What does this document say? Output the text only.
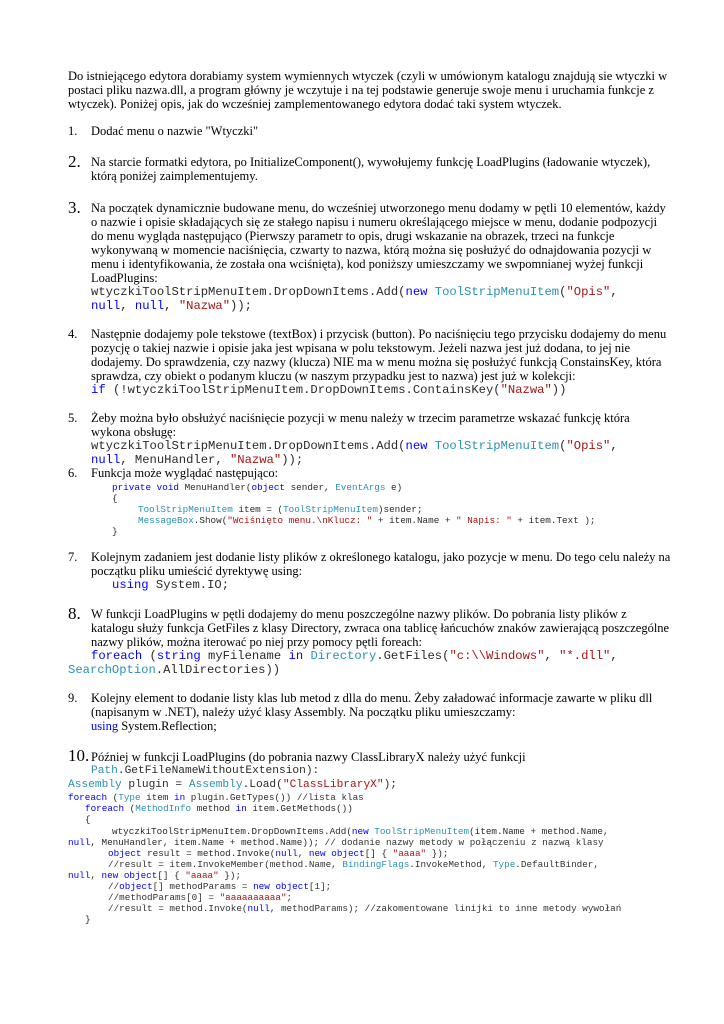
Do istniejącego edytora dorabiamy system wymiennych wtyczek (czyli w umówionym katalogu znajdują sie wtyczki w
postaci pliku nazwa.dll, a program główny je wczytuje i na tej podstawie generuje swoje menu i uruchamia funkcje z
wtyczek). Poniżej opis, jak do wcześniej zamplementowanego edytora dodać taki system wtyczek.
1. Dodać menu o nazwie "Wtyczki"
2. Na starcie formatki edytora, po InitializeComponent(), wywołujemy funkcję LoadPlugins (ładowanie wtyczek),
którą poniżej zaimplementujemy.
3. Na początek dynamicznie budowane menu, do wcześniej utworzonego menu dodamy w pętli 10 elementów, każdy
o nazwie i opisie składających się ze stałego napisu i numeru określającego miejsce w menu, dodanie podpozycji
do menu wygląda następująco (Pierwszy parametr to opis, drugi wskazanie na obrazek, trzeci na funkcje
wykonywaną w momencie naciśnięcia, czwarty to nazwa, którą można się posłużyć do odnajdowania pozycji w
menu i identyfikowania, że została ona wciśnięta), kod poniższy umieszczamy we swpomnianej wyżej funkcji
LoadPlugins:
wtyczkiToolStripMenuItem.DropDownItems.Add(new ToolStripMenuItem("Opis",
null, null, "Nazwa"));
4. Następnie dodajemy pole tekstowe (textBox) i przycisk (button). Po naciśnięciu tego przycisku dodajemy do menu
pozycję o takiej nazwie i opisie jaka jest wpisana w polu tekstowym. Jeżeli nazwa jest już dodana, to jej nie
dodajemy. Do sprawdzenia, czy nazwy (klucza) NIE ma w menu można się posłużyć funkcją ConstainsKey, która
sprawdza, czy obiekt o podanym kluczu (w naszym przypadku jest to nazwa) jest już w kolekcji:
if (!wtyczkiToolStripMenuItem.DropDownItems.ContainsKey("Nazwa"))
5. Żeby można było obsłużyć naciśnięcie pozycji w menu należy w trzecim parametrze wskazać funkcję która
wykona obsługę:
wtyczkiToolStripMenuItem.DropDownItems.Add(new ToolStripMenuItem("Opis",
null, MenuHandler, "Nazwa"));
6. Funkcja może wyglądać następująco:
private void MenuHandler(object sender, EventArgs e)
{
ToolStripMenuItem item = (ToolStripMenuItem)sender;
MessageBox.Show("Wciśnięto menu.\nKlucz: " + item.Name + " Napis: " + item.Text );
}
7. Kolejnym zadaniem jest dodanie listy plików z określonego katalogu, jako pozycje w menu. Do tego celu należy na
początku pliku umieścić dyrektywę using:
using System.IO;
8. W funkcji LoadPlugins w pętli dodajemy do menu poszczególne nazwy plików. Do pobrania listy plików z
katalogu służy funkcja GetFiles z klasy Directory, zwraca ona tablicę łańcuchów znaków zawierającą poszczególne
nazwy plików, można iterować po niej przy pomocy pętli foreach:
foreach (string myFilename in Directory.GetFiles("c:\\Windows", "*.dll",
SearchOption.AllDirectories))
9. Kolejny element to dodanie listy klas lub metod z dlla do menu. Żeby załadować informacje zawarte w pliku dll
(napisanym w .NET), należy użyć klasy Assembly. Na początku pliku umieszczamy:
using System.Reflection;
10. Później w funkcji LoadPlugins (do pobrania nazwy ClassLibraryX należy użyć funkcji
Path.GetFileNameWithoutExtension):
Assembly plugin = Assembly.Load("ClassLibraryX");
foreach (Type item in plugin.GetTypes()) //lista klas
foreach (MethodInfo method in item.GetMethods())
{
wtyczkiToolStripMenuItem.DropDownItems.Add(new ToolStripMenuItem(item.Name + method.Name,
null, MenuHandler, item.Name + method.Name)); // dodanie nazwy metody w połączeniu z nazwą klasy
object result = method.Invoke(null, new object[] { "aaaa" });
//result = item.InvokeMember(method.Name, BindingFlags.InvokeMethod, Type.DefaultBinder,
null, new object[] { "aaaa" });
//object[] methodParams = new object[1];
//methodParams[0] = "aaaaaaaaaa";
//result = method.Invoke(null, methodParams); //zakomentowane linijki to inne metody wywołań
}
